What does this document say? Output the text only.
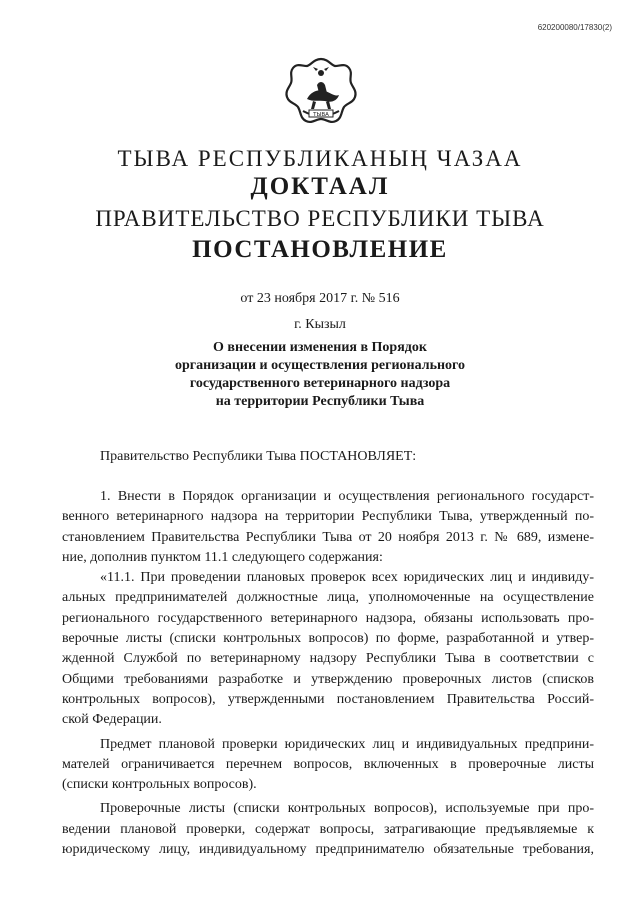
620200080/17830(2)
ТЫВА
ТЫВА РЕСПУБЛИКАНЫҢ ЧАЗАА
ДОКТААЛ
ПРАВИТЕЛЬСТВО РЕСПУБЛИКИ ТЫВА
ПОСТАНОВЛЕНИЕ
от 23 ноября 2017 г. № 516
г. Кызыл
О внесении изменения в Порядок
организации и осуществления регионального
государственного ветеринарного надзора
на территории Республики Тыва
Правительство Республики Тыва ПОСТАНОВЛЯЕТ:
1. Внести в Порядок организации и осуществления регионального государст-
венного ветеринарного надзора на территории Республики Тыва, утвержденный по-
становлением Правительства Республики Тыва от 20 ноября 2013 г. № 689, измене-
ние, дополнив пунктом 11.1 следующего содержания:
«11.1. При проведении плановых проверок всех юридических лиц и индивиду-
альных предпринимателей должностные лица, уполномоченные на осуществление
регионального государственного ветеринарного надзора, обязаны использовать про-
верочные листы (списки контрольных вопросов) по форме, разработанной и утвер-
жденной Службой по ветеринарному надзору Республики Тыва в соответствии с
Общими требованиями разработке и утверждению проверочных листов (списков
контрольных вопросов), утвержденными постановлением Правительства Россий-
ской Федерации.
Предмет плановой проверки юридических лиц и индивидуальных предприни-
мателей ограничивается перечнем вопросов, включенных в проверочные листы
(списки контрольных вопросов).
Проверочные листы (списки контрольных вопросов), используемые при про-
ведении плановой проверки, содержат вопросы, затрагивающие предъявляемые к
юридическому лицу, индивидуальному предпринимателю обязательные требования,
